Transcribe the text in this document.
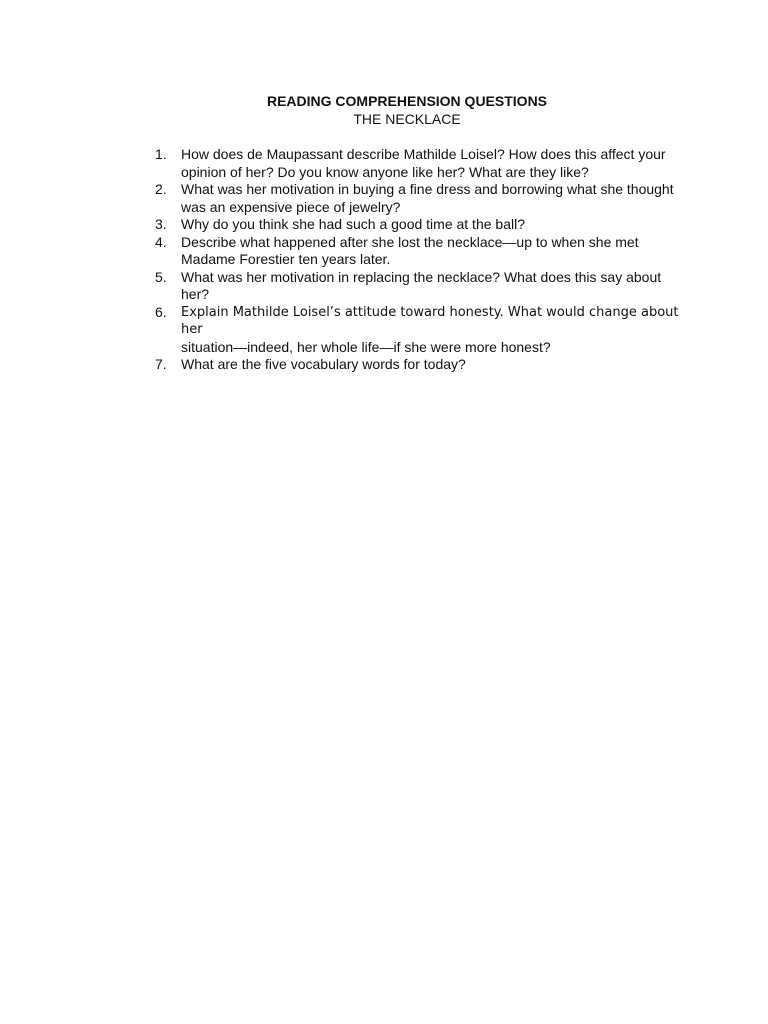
READING COMPREHENSION QUESTIONS
THE NECKLACE
1.	How does de Maupassant describe Mathilde Loisel? How does this affect your
opinion of her? Do you know anyone like her? What are they like?
2.	What was her motivation in buying a fine dress and borrowing what she thought
was an expensive piece of jewelry?
3.	Why do you think she had such a good time at the ball?
4.	Describe what happened after she lost the necklace—up to when she met
Madame Forestier ten years later.
5.	What was her motivation in replacing the necklace? What does this say about
her?
6.	Explain Mathilde Loisel’s attitude toward honesty. What would change about her
situation—indeed, her whole life—if she were more honest?
7.	What are the five vocabulary words for today?
